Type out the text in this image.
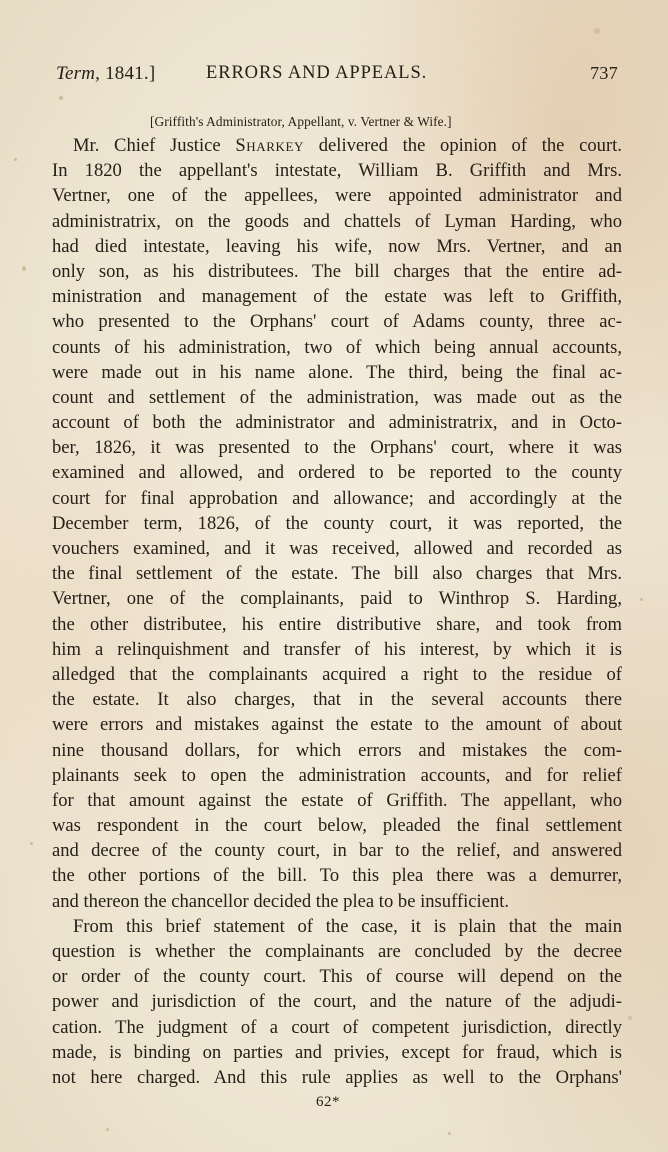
Term, 1841.]	ERRORS AND APPEALS.	737
[Griffith's Administrator, Appellant, v. Vertner & Wife.]
Mr. Chief Justice Sharkey delivered the opinion of the court.
In 1820 the appellant's intestate, William B. Griffith and Mrs.
Vertner, one of the appellees, were appointed administrator and
administratrix, on the goods and chattels of Lyman Harding, who
had died intestate, leaving his wife, now Mrs. Vertner, and an
only son, as his distributees. The bill charges that the entire ad-
ministration and management of the estate was left to Griffith,
who presented to the Orphans' court of Adams county, three ac-
counts of his administration, two of which being annual accounts,
were made out in his name alone. The third, being the final ac-
count and settlement of the administration, was made out as the
account of both the administrator and administratrix, and in Octo-
ber, 1826, it was presented to the Orphans' court, where it was
examined and allowed, and ordered to be reported to the county
court for final approbation and allowance; and accordingly at the
December term, 1826, of the county court, it was reported, the
vouchers examined, and it was received, allowed and recorded as
the final settlement of the estate. The bill also charges that Mrs.
Vertner, one of the complainants, paid to Winthrop S. Harding,
the other distributee, his entire distributive share, and took from
him a relinquishment and transfer of his interest, by which it is
alledged that the complainants acquired a right to the residue of
the estate. It also charges, that in the several accounts there
were errors and mistakes against the estate to the amount of about
nine thousand dollars, for which errors and mistakes the com-
plainants seek to open the administration accounts, and for relief
for that amount against the estate of Griffith. The appellant, who
was respondent in the court below, pleaded the final settlement
and decree of the county court, in bar to the relief, and answered
the other portions of the bill. To this plea there was a demurrer,
and thereon the chancellor decided the plea to be insufficient.
From this brief statement of the case, it is plain that the main
question is whether the complainants are concluded by the decree
or order of the county court. This of course will depend on the
power and jurisdiction of the court, and the nature of the adjudi-
cation. The judgment of a court of competent jurisdiction, directly
made, is binding on parties and privies, except for fraud, which is
not here charged. And this rule applies as well to the Orphans'
62*
